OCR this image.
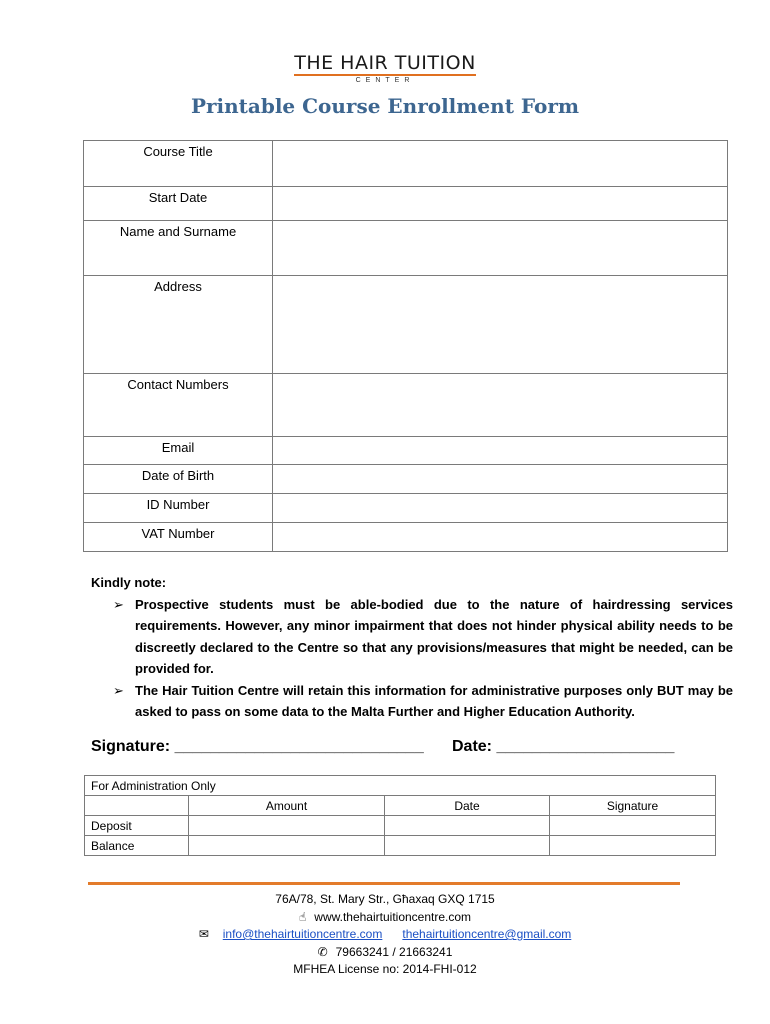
THE HAIR TUITION
CENTER
Printable Course Enrollment Form
Course Title	
Start Date	
Name and Surname	
Address	
Contact Numbers	
Email	
Date of Birth	
ID Number	
VAT Number	
Kindly note:
➢ Prospective students must be able-bodied due to the nature of hairdressing services requirements. However, any minor impairment that does not hinder physical ability needs to be discreetly declared to the Centre so that any provisions/measures that might be needed, can be provided for.
➢ The Hair Tuition Centre will retain this information for administrative purposes only BUT may be asked to pass on some data to the Malta Further and Higher Education Authority.
Signature: ____________________________ Date: ____________________
For Administration Only			
	Amount	Date	Signature
Deposit			
Balance			
76A/78, St. Mary Str., Għaxaq GXQ 1715
☝ www.thehairtuitioncentre.com
✉ info@thehairtuitioncentre.com thehairtuitioncentre@gmail.com
✆ 79663241 / 21663241
MFHEA License no: 2014-FHI-012
